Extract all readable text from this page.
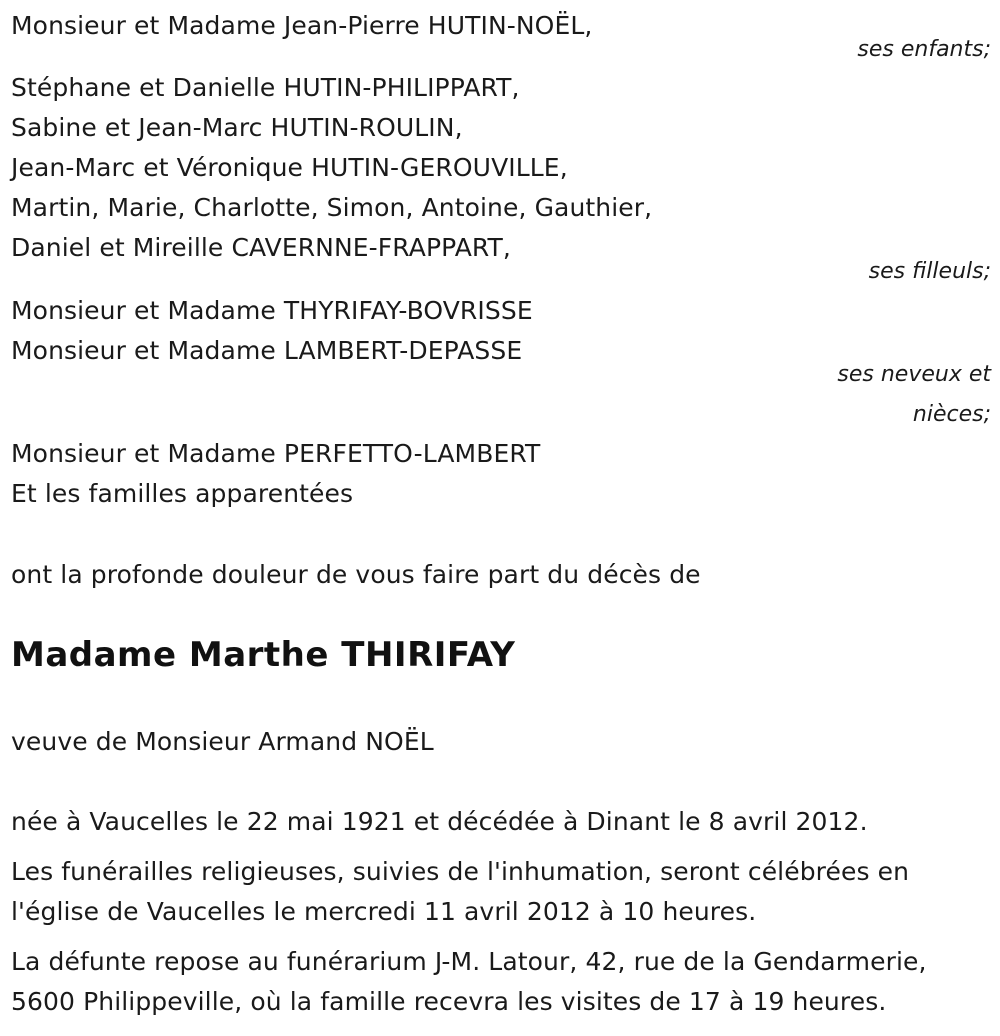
Monsieur et Madame Jean-Pierre HUTIN-NOËL,
ses enfants;
Stéphane et Danielle HUTIN-PHILIPPART,
Sabine et Jean-Marc HUTIN-ROULIN,
Jean-Marc et Véronique HUTIN-GEROUVILLE,
Martin, Marie, Charlotte, Simon, Antoine, Gauthier,
Daniel et Mireille CAVERNNE-FRAPPART,
ses filleuls;
Monsieur et Madame THYRIFAY-BOVRISSE
Monsieur et Madame LAMBERT-DEPASSE
ses neveux et
nièces;
Monsieur et Madame PERFETTO-LAMBERT
Et les familles apparentées
ont la profonde douleur de vous faire part du décès de
Madame Marthe THIRIFAY
veuve de Monsieur Armand NOËL
née à Vaucelles le 22 mai 1921 et décédée à Dinant le 8 avril 2012.
Les funérailles religieuses, suivies de l'inhumation, seront célébrées en
l'église de Vaucelles le mercredi 11 avril 2012 à 10 heures.
La défunte repose au funérarium J-M. Latour, 42, rue de la Gendarmerie,
5600 Philippeville, où la famille recevra les visites de 17 à 19 heures.
